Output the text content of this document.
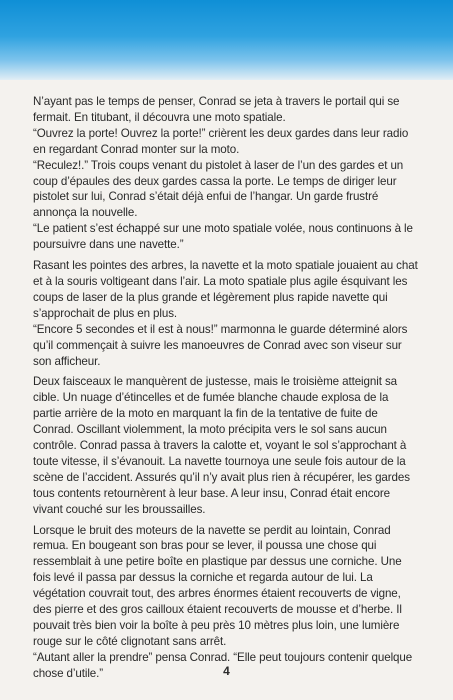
N’ayant pas le temps de penser, Conrad se jeta à travers le portail qui se
fermait. En titubant, il découvra une moto spatiale.
“Ouvrez la porte! Ouvrez la porte!” crièrent les deux gardes dans leur radio
en regardant Conrad monter sur la moto.
“Reculez!.” Trois coups venant du pistolet à laser de l’un des gardes et un
coup d’épaules des deux gardes cassa la porte. Le temps de diriger leur
pistolet sur lui, Conrad s’était déjà enfui de l’hangar. Un garde frustré
annonça la nouvelle.
“Le patient s’est échappé sur une moto spatiale volée, nous continuons à le
poursuivre dans une navette.”

Rasant les pointes des arbres, la navette et la moto spatiale jouaient au chat
et à la souris voltigeant dans l’air. La moto spatiale plus agile ésquivant les
coups de laser de la plus grande et légèrement plus rapide navette qui
s’approchait de plus en plus.
“Encore 5 secondes et il est à nous!” marmonna le guarde déterminé alors
qu’il commençait à suivre les manoeuvres de Conrad avec son viseur sur
son afficheur.

Deux faisceaux le manquèrent de justesse, mais le troisième atteignit sa
cible. Un nuage d’étincelles et de fumée blanche chaude explosa de la
partie arrière de la moto en marquant la fin de la tentative de fuite de
Conrad. Oscillant violemment, la moto précipita vers le sol sans aucun
contrôle. Conrad passa à travers la calotte et, voyant le sol s’approchant à
toute vitesse, il s’évanouit. La navette tournoya une seule fois autour de la
scène de l’accident. Assurés qu’il n’y avait plus rien à récupérer, les gardes
tous contents retournèrent à leur base. A leur insu, Conrad était encore
vivant couché sur les broussailles.

Lorsque le bruit des moteurs de la navette se perdit au lointain, Conrad
remua. En bougeant son bras pour se lever, il poussa une chose qui
ressemblait à une petire boîte en plastique par dessus une corniche. Une
fois levé il passa par dessus la corniche et regarda autour de lui. La
végétation couvrait tout, des arbres énormes étaient recouverts de vigne,
des pierre et des gros cailloux étaient recouverts de mousse et d’herbe. Il
pouvait très bien voir la boîte à peu près 10 mètres plus loin, une lumière
rouge sur le côté clignotant sans arrêt.
“Autant aller la prendre” pensa Conrad. “Elle peut toujours contenir quelque
chose d’utile.”	4
